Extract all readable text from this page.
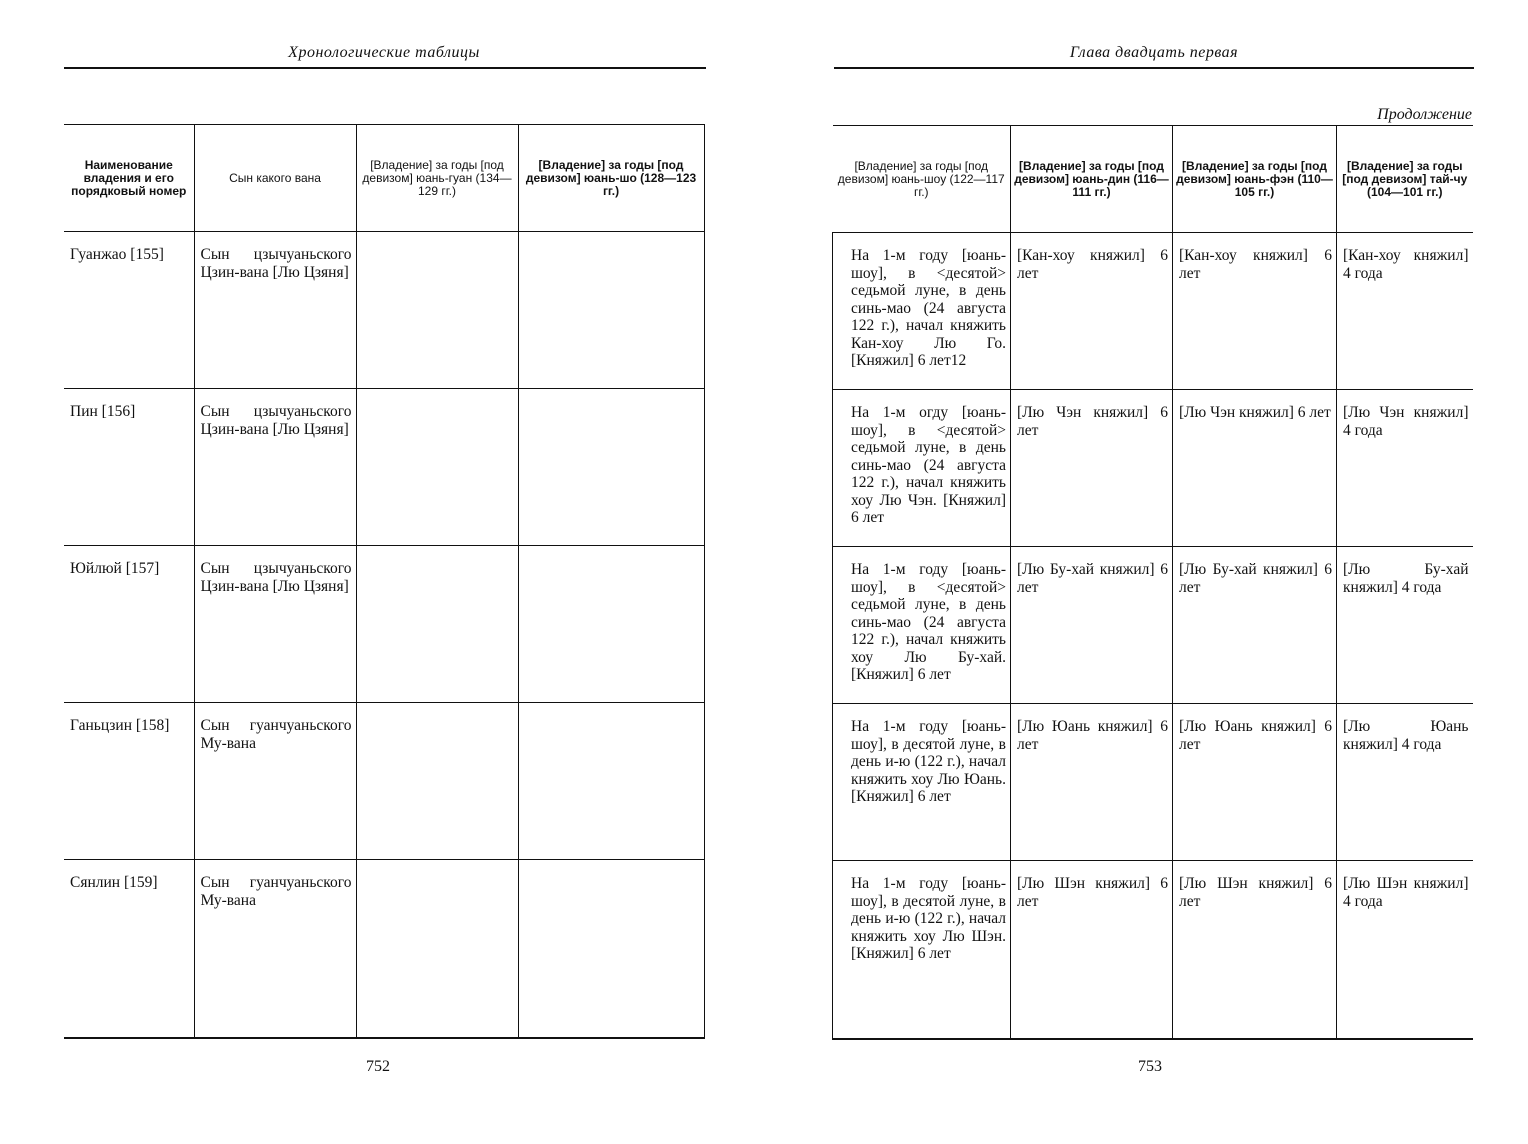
Хронологические таблицы
Наименование владения и его порядковый номер	Сын какого вана	[Владение] за годы [под девизом] юань-гуан (134—129 гг.)	[Владение] за годы [под девизом] юань-шо (128—123 гг.)

Гуанжао [155]	Сын цзычуаньского Цзин-вана [Лю Цзяня]		

Пин [156]	Сын цзычуаньского Цзин-вана [Лю Цзяня]		

Юйлюй [157]	Сын цзычуаньского Цзин-вана [Лю Цзяня]		

Ганьцзин [158]	Сын гуанчуаньского Му-вана		

Сянлин [159]	Сын гуанчуаньского Му-вана		

752
Глава двадцать первая
Продолжение
[Владение] за годы [под девизом] юань-шоу (122—117 гг.)	[Владение] за годы [под девизом] юань-дин (116—111 гг.)	[Владение] за годы [под девизом] юань-фэн (110—105 гг.)	[Владение] за годы [под девизом] тай-чу (104—101 гг.)

На 1-м году [юань-шоу], в <десятой> седьмой луне, в день синь-мао (24 августа 122 г.), начал княжить Кан-хоу Лю Го. [Княжил] 6 лет12	[Кан-хоу княжил] 6 лет	[Кан-хоу княжил] 6 лет	[Кан-хоу княжил] 4 года

На 1-м огду [юань-шоу], в <десятой> седьмой луне, в день синь-мао (24 августа 122 г.), начал княжить хоу Лю Чэн. [Княжил] 6 лет	[Лю Чэн княжил] 6 лет	[Лю Чэн княжил] 6 лет	[Лю Чэн княжил] 4 года

На 1-м году [юань-шоу], в <десятой> седьмой луне, в день синь-мао (24 августа 122 г.), начал княжить хоу Лю Бу-хай. [Княжил] 6 лет	[Лю Бу-хай княжил] 6 лет	[Лю Бу-хай княжил] 6 лет	[Лю Бу-хай княжил] 4 года

На 1-м году [юань-шоу], в десятой луне, в день и-ю (122 г.), начал княжить хоу Лю Юань. [Княжил] 6 лет	[Лю Юань княжил] 6 лет	[Лю Юань княжил] 6 лет	[Лю Юань княжил] 4 года

На 1-м году [юань-шоу], в десятой луне, в день и-ю (122 г.), начал княжить хоу Лю Шэн. [Княжил] 6 лет	[Лю Шэн княжил] 6 лет	[Лю Шэн княжил] 6 лет	[Лю Шэн княжил] 4 года
753
